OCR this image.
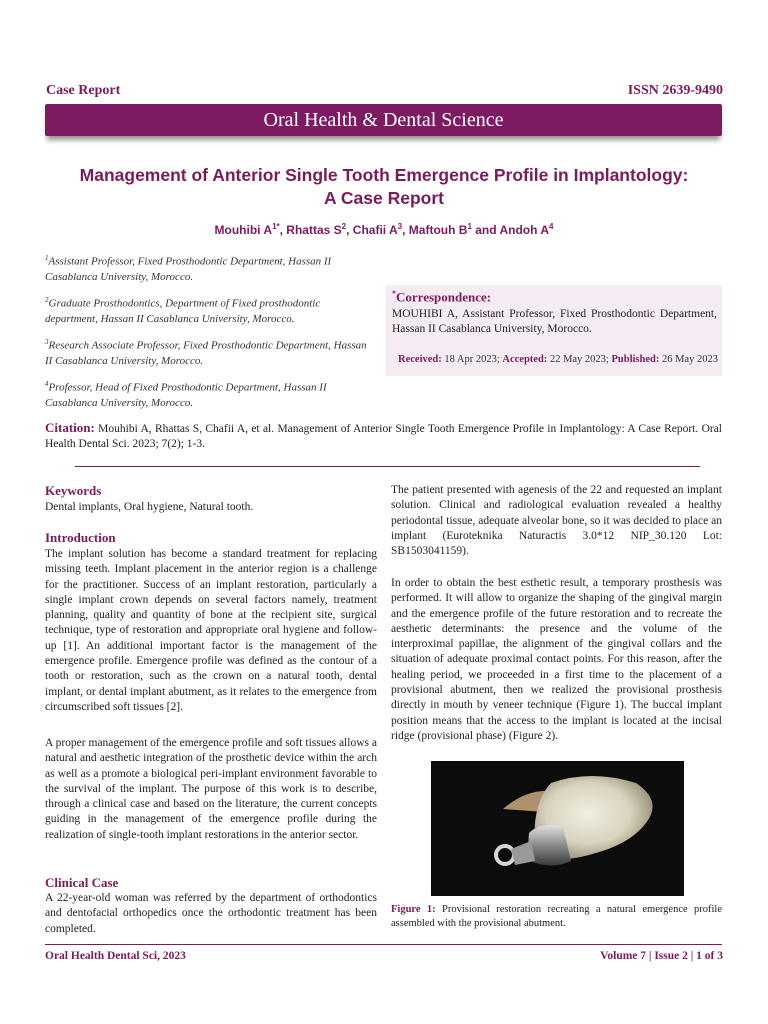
Case Report	ISSN 2639-9490
Oral Health & Dental Science
Management of Anterior Single Tooth Emergence Profile in Implantology:
A Case Report
Mouhibi $A^{1*}$, Rhattas $S^2$, Chafii $A^3$, Maftouh $B^1$ and Andoh $A^4$
$^1$Assistant Professor, Fixed Prosthodontic Department, Hassan II Casablanca University, Morocco.
$^2$Graduate Prosthodontics, Department of Fixed prosthodontic department, Hassan II Casablanca University, Morocco.
$^3$Research Associate Professor, Fixed Prosthodontic Department, Hassan II Casablanca University, Morocco.
$^4$Professor, Head of Fixed Prosthodontic Department, Hassan II Casablanca University, Morocco.
*Correspondence:
MOUHIBI A, Assistant Professor, Fixed Prosthodontic Department, Hassan II Casablanca University, Morocco.
Received: 18 Apr 2023; Accepted: 22 May 2023; Published: 26 May 2023
Citation: Mouhibi A, Rhattas S, Chafii A, et al. Management of Anterior Single Tooth Emergence Profile in Implantology: A Case Report. Oral Health Dental Sci. 2023; 7(2); 1-3.
Keywords
Dental implants, Oral hygiene, Natural tooth.
Introduction
The implant solution has become a standard treatment for replacing missing teeth. Implant placement in the anterior region is a challenge for the practitioner. Success of an implant restoration, particularly a single implant crown depends on several factors namely, treatment planning, quality and quantity of bone at the recipient site, surgical technique, type of restoration and appropriate oral hygiene and follow-up [1]. An additional important factor is the management of the emergence profile. Emergence profile was defined as the contour of a tooth or restoration, such as the crown on a natural tooth, dental implant, or dental implant abutment, as it relates to the emergence from circumscribed soft tissues [2].
A proper management of the emergence profile and soft tissues allows a natural and aesthetic integration of the prosthetic device within the arch as well as a promote a biological peri-implant environment favorable to the survival of the implant. The purpose of this work is to describe, through a clinical case and based on the literature, the current concepts guiding in the management of the emergence profile during the realization of single-tooth implant restorations in the anterior sector.
Clinical Case
A 22-year-old woman was referred by the department of orthodontics and dentofacial orthopedics once the orthodontic treatment has been completed.
The patient presented with agenesis of the 22 and requested an implant solution. Clinical and radiological evaluation revealed a healthy periodontal tissue, adequate alveolar bone, so it was decided to place an implant (Euroteknika Naturactis 3.0*12 NIP_30.120 Lot: SB1503041159).
In order to obtain the best esthetic result, a temporary prosthesis was performed. It will allow to organize the shaping of the gingival margin and the emergence profile of the future restoration and to recreate the aesthetic determinants: the presence and the volume of the interproximal papillae, the alignment of the gingival collars and the situation of adequate proximal contact points. For this reason, after the healing period, we proceeded in a first time to the placement of a provisional abutment, then we realized the provisional prosthesis directly in mouth by veneer technique (Figure 1). The buccal implant position means that the access to the implant is located at the incisal ridge (provisional phase) (Figure 2).
Figure 1: Provisional restoration recreating a natural emergence profile assembled with the provisional abutment.
Oral Health Dental Sci, 2023	Volume 7 | Issue 2 | 1 of 3
